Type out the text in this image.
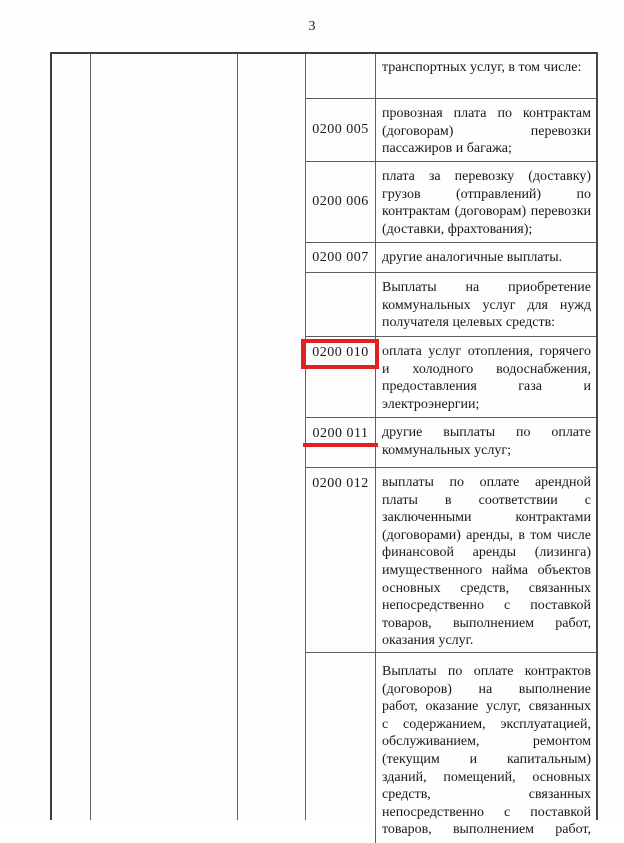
3
транспортных услуг, в том числе:
0200 005
провозная плата по контрактам
(договорам) перевозки
пассажиров и багажа;
0200 006
плата за перевозку (доставку)
грузов (отправлений) по
контрактам (договорам) перевозки
(доставки, фрахтования);
0200 007 другие аналогичные выплаты.
Выплаты на приобретение
коммунальных услуг для нужд
получателя целевых средств:
0200 010 оплата услуг отопления, горячего
и холодного водоснабжения,
предоставления газа и
электроэнергии;
0200 011 другие выплаты по оплате
коммунальных услуг;
0200 012 выплаты по оплате арендной
платы в соответствии с
заключенными контрактами
(договорами) аренды, в том числе
финансовой аренды (лизинга)
имущественного найма объектов
основных средств, связанных
непосредственно с поставкой
товаров, выполнением работ,
оказания услуг.
Выплаты по оплате контрактов
(договоров) на выполнение
работ, оказание услуг, связанных
с содержанием, эксплуатацией,
обслуживанием, ремонтом
(текущим и капитальным)
зданий, помещений, основных
средств, связанных
непосредственно с поставкой
товаров, выполнением работ,
